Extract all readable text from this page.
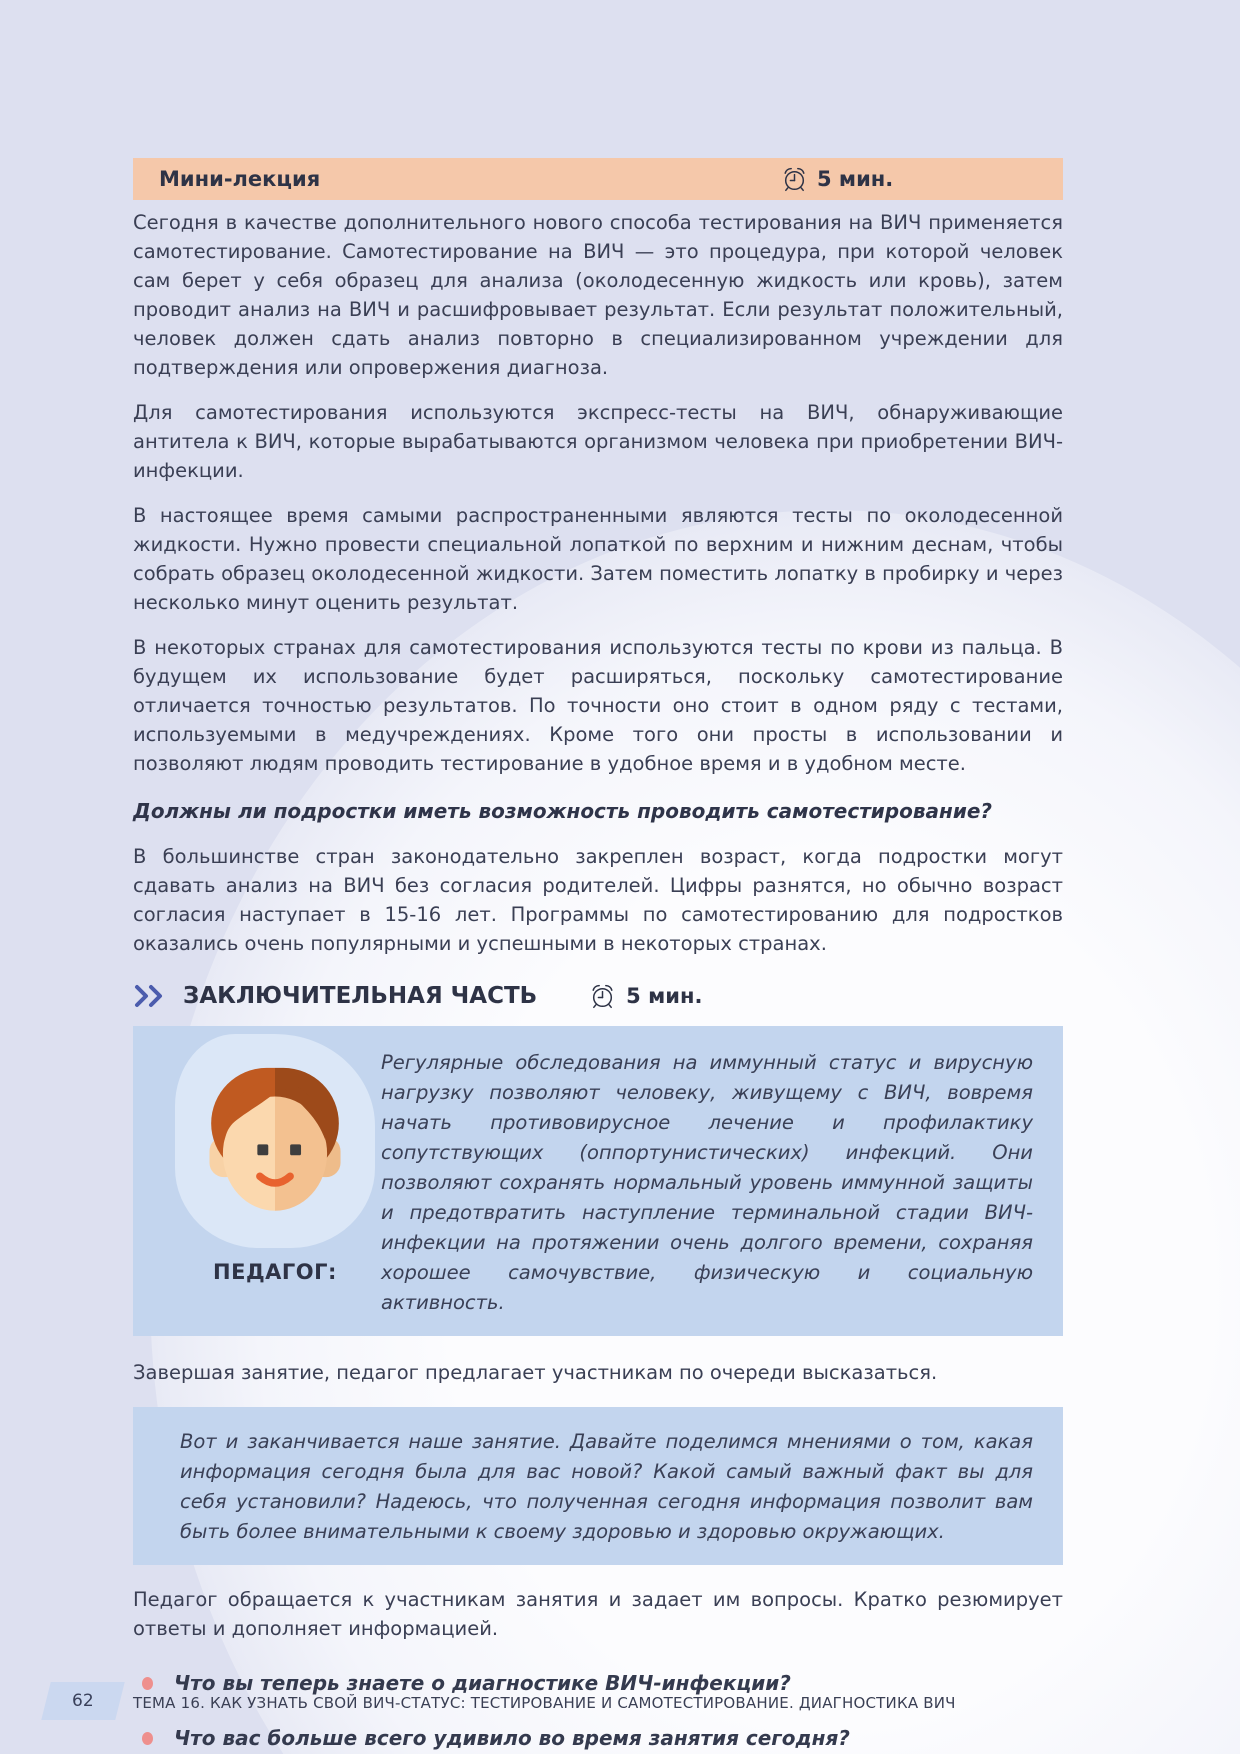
Мини-лекция	5 мин.

Сегодня в качестве дополнительного нового способа тестирования на ВИЧ применяется самотестирование. Самотестирование на ВИЧ — это процедура, при которой человек сам берет у себя образец для анализа (околодесенную жидкость или кровь), затем проводит анализ на ВИЧ и расшифровывает результат. Если результат положительный, человек должен сдать анализ повторно в специализированном учреждении для подтверждения или опровержения диагноза.

Для самотестирования используются экспресс-тесты на ВИЧ, обнаруживающие антитела к ВИЧ, которые вырабатываются организмом человека при приобретении ВИЧ-инфекции.

В настоящее время самыми распространенными являются тесты по околодесенной жидкости. Нужно провести специальной лопаткой по верхним и нижним деснам, чтобы собрать образец околодесенной жидкости. Затем поместить лопатку в пробирку и через несколько минут оценить результат.

В некоторых странах для самотестирования используются тесты по крови из пальца. В будущем их использование будет расширяться, поскольку самотестирование отличается точностью результатов. По точности оно стоит в одном ряду с тестами, используемыми в медучреждениях. Кроме того они просты в использовании и позволяют людям проводить тестирование в удобное время и в удобном месте.

Должны ли подростки иметь возможность проводить самотестирование?

В большинстве стран законодательно закреплен возраст, когда подростки могут сдавать анализ на ВИЧ без согласия родителей. Цифры разнятся, но обычно возраст согласия наступает в 15-16 лет. Программы по самотестированию для подростков оказались очень популярными и успешными в некоторых странах.

ЗАКЛЮЧИТЕЛЬНАЯ ЧАСТЬ	5 мин.
ПЕДАГОГ:
Регулярные обследования на иммунный статус и вирусную нагрузку позволяют человеку, живущему с ВИЧ, вовремя начать противовирусное лечение и профилактику сопутствующих (оппортунистических) инфекций. Они позволяют сохранять нормальный уровень иммунной защиты и предотвратить наступление терминальной стадии ВИЧ-инфекции на протяжении очень долгого времени, сохраняя хорошее самочувствие, физическую и социальную активность.

Завершая занятие, педагог предлагает участникам по очереди высказаться.

Вот и заканчивается наше занятие. Давайте поделимся мнениями о том, какая информация сегодня была для вас новой? Какой самый важный факт вы для себя установили? Надеюсь, что полученная сегодня информация позволит вам быть более внимательными к своему здоровью и здоровью окружающих.

Педагог обращается к участникам занятия и задает им вопросы. Кратко резюмирует ответы и дополняет информацией.

Что вы теперь знаете о диагностике ВИЧ-инфекции?
Что вас больше всего удивило во время занятия сегодня?
62	ТЕМА 16. КАК УЗНАТЬ СВОЙ ВИЧ-СТАТУС: ТЕСТИРОВАНИЕ И САМОТЕСТИРОВАНИЕ. ДИАГНОСТИКА ВИЧ
